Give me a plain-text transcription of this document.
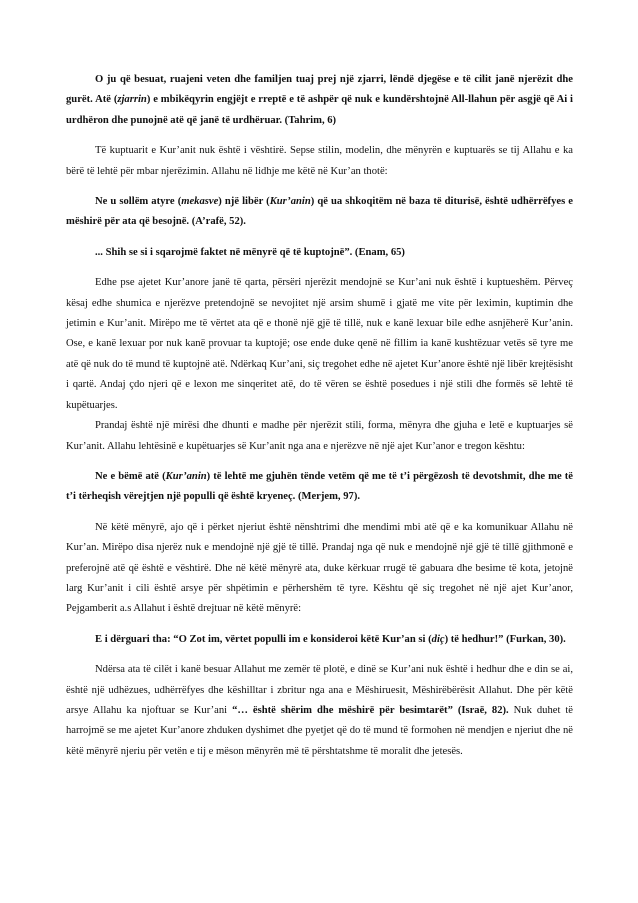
O ju që besuat, ruajeni veten dhe familjen tuaj prej një zjarri, lëndë djegëse e të cilit janë njerëzit dhe gurët. Atë (zjarrin) e mbikëqyrin engjëjt e rreptë e të ashpër që nuk e kundërshtojnë All-llahun për asgjë që Ai i urdhëron dhe punojnë atë që janë të urdhëruar. (Tahrim, 6)

Të kuptuarit e Kur’anit nuk është i vështirë. Sepse stilin, modelin, dhe mënyrën e kuptuarës se tij Allahu e ka bërë të lehtë për mbar njerëzimin. Allahu në lidhje me këtë në Kur’an thotë:

Ne u sollëm atyre (mekasve) një libër (Kur’anin) që ua shkoqitëm në baza të diturisë, është udhërrëfyes e mëshirë për ata që besojnë. (A’rafë, 52).

... Shih se si i sqarojmë faktet në mënyrë që të kuptojnë”. (Enam, 65)

Edhe pse ajetet Kur’anore janë të qarta, përsëri njerëzit mendojnë se Kur’ani nuk është i kuptueshëm. Përveç kësaj edhe shumica e njerëzve pretendojnë se nevojitet një arsim shumë i gjatë me vite për leximin, kuptimin dhe jetimin e Kur’anit. Mirëpo me të vërtet ata që e thonë një gjë të tillë, nuk e kanë lexuar bile edhe asnjëherë Kur’anin. Ose, e kanë lexuar por nuk kanë provuar ta kuptojë; ose ende duke qenë në fillim ia kanë kushtëzuar vetës së tyre me atë që nuk do të mund të kuptojnë atë. Ndërkaq Kur’ani, siç tregohet edhe në ajetet Kur’anore është një libër krejtësisht i qartë. Andaj çdo njeri që e lexon me sinqeritet atë, do të vëren se është posedues i një stili dhe formës së lehtë të kupëtuarjes.

Prandaj është një mirësi dhe dhunti e madhe për njerëzit stili, forma, mënyra dhe gjuha e letë e kuptuarjes së Kur’anit. Allahu lehtësinë e kupëtuarjes së Kur’anit nga ana e njerëzve në një ajet Kur’anor e tregon kështu:

Ne e bëmë atë (Kur’anin) të lehtë me gjuhën tënde vetëm që me të t’i përgëzosh të devotshmit, dhe me të t’i tërheqish vërejtjen një populli që është kryeneç. (Merjem, 97).

Në këtë mënyrë, ajo që i përket njeriut është nënshtrimi dhe mendimi mbi atë që e ka komunikuar Allahu në Kur’an. Mirëpo disa njerëz nuk e mendojnë një gjë të tillë. Prandaj nga që nuk e mendojnë një gjë të tillë gjithmonë e preferojnë atë që është e vështirë. Dhe në këtë mënyrë ata, duke kërkuar rrugë të gabuara dhe besime të kota, jetojnë larg Kur’anit i cili është arsye për shpëtimin e përhershëm të tyre. Kështu që siç tregohet në një ajet Kur’anor, Pejgamberit a.s Allahut i është drejtuar në këtë mënyrë:

E i dërguari tha: “O Zot im, vërtet populli im e konsideroi këtë Kur’an si (diç) të hedhur!” (Furkan, 30).

Ndërsa ata të cilët i kanë besuar Allahut me zemër të plotë, e dinë se Kur’ani nuk është i hedhur dhe e din se ai, është një udhëzues, udhërrëfyes dhe këshilltar i zbritur nga ana e Mëshiruesit, Mëshirëbërësit Allahut. Dhe për këtë arsye Allahu ka njoftuar se Kur’ani “… është shërim dhe mëshirë për besimtarët” (Israë, 82). Nuk duhet të harrojmë se me ajetet Kur’anore zhduken dyshimet dhe pyetjet që do të mund të formohen në mendjen e njeriut dhe në këtë mënyrë njeriu për vetën e tij e mëson mënyrën më të përshtatshme të moralit dhe jetesës.
